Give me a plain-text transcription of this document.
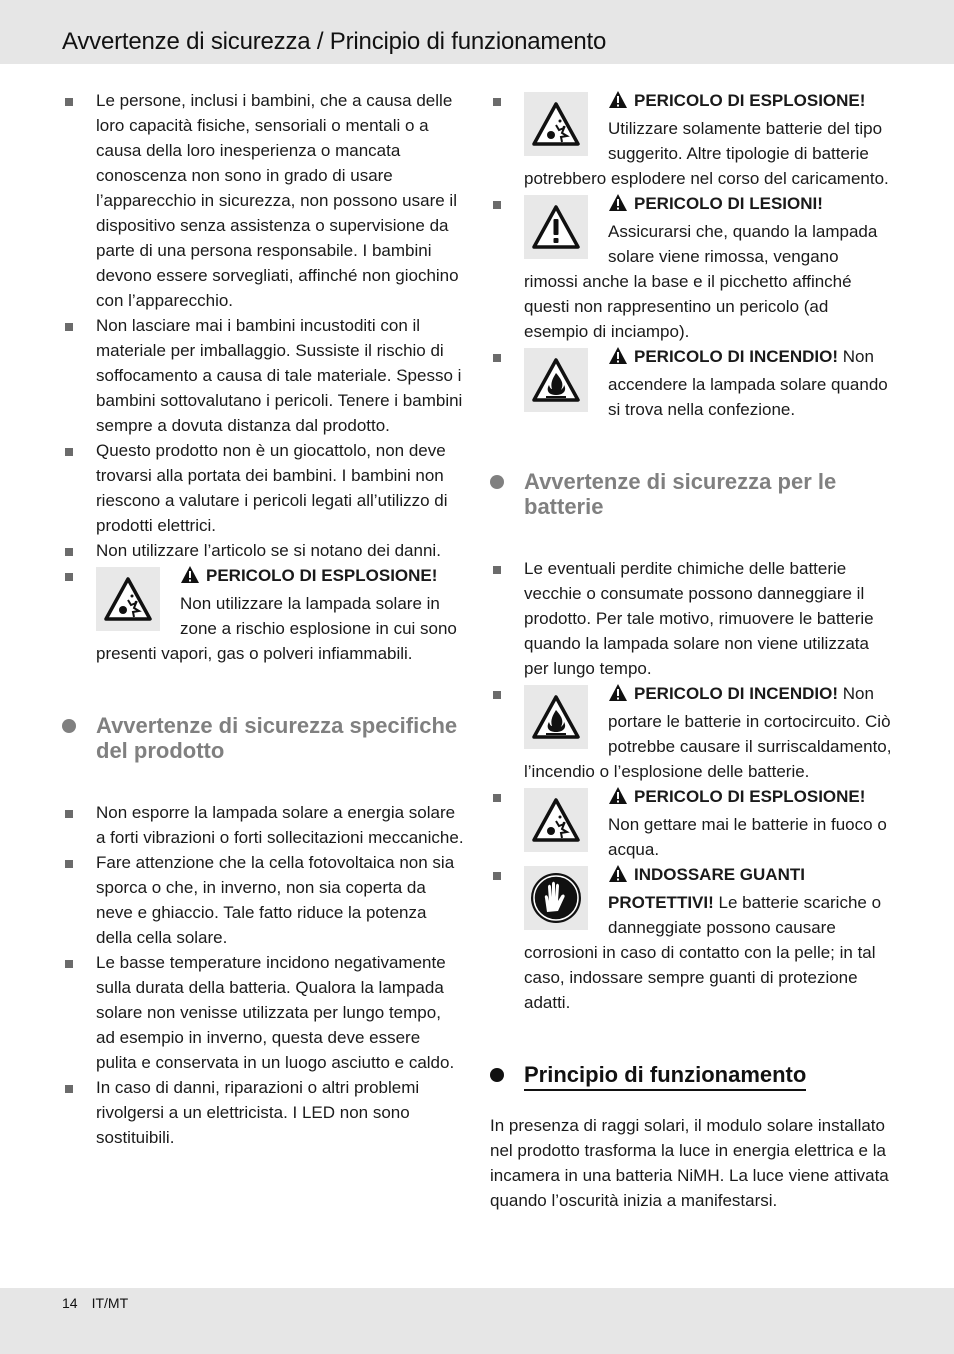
Avvertenze di sicurezza / Principio di funzionamento

Le persone, inclusi i bambini, che a causa delle loro capacità fisiche, sensoriali o mentali o a causa della loro inesperienza o mancata conoscenza non sono in grado di usare l’apparecchio in sicurezza, non possono usare il dispositivo senza assistenza o supervisione da parte di una persona responsabile. I bambini devono essere sorvegliati, affinché non giochino con l’apparecchio.

Non lasciare mai i bambini incustoditi con il materiale per imballaggio. Sussiste il rischio di soffocamento a causa di tale materiale. Spesso i bambini sottovalutano i pericoli. Tenere i bambini sempre a dovuta distanza dal prodotto.

Questo prodotto non è un giocattolo, non deve trovarsi alla portata dei bambini. I bambini non riescono a valutare i pericoli legati all’utilizzo di prodotti elettrici.

Non utilizzare l’articolo se si notano dei danni.

PERICOLO DI ESPLOSIONE! Non utilizzare la lampada solare in zone a rischio esplosione in cui sono presenti vapori, gas o polveri infiammabili.

Avvertenze di sicurezza specifiche del prodotto

Non esporre la lampada solare a energia solare a forti vibrazioni o forti sollecitazioni meccaniche.

Fare attenzione che la cella fotovoltaica non sia sporca o che, in inverno, non sia coperta da neve e ghiaccio. Tale fatto riduce la potenza della cella solare.

Le basse temperature incidono negativamente sulla durata della batteria. Qualora la lampada solare non venisse utilizzata per lungo tempo, ad esempio in inverno, questa deve essere pulita e conservata in un luogo asciutto e caldo.

In caso di danni, riparazioni o altri problemi rivolgersi a un elettricista. I LED non sono sostituibili.

PERICOLO DI ESPLOSIONE! Utilizzare solamente batterie del tipo suggerito. Altre tipologie di batterie potrebbero esplodere nel corso del caricamento.

PERICOLO DI LESIONI! Assicurarsi che, quando la lampada solare viene rimossa, vengano rimossi anche la base e il picchetto affinché questi non rappresentino un pericolo (ad esempio di inciampo).

PERICOLO DI INCENDIO! Non accendere la lampada solare quando si trova nella confezione.

Avvertenze di sicurezza per le batterie

Le eventuali perdite chimiche delle batterie vecchie o consumate possono danneggiare il prodotto. Per tale motivo, rimuovere le batterie quando la lampada solare non viene utilizzata per lungo tempo.

PERICOLO DI INCENDIO! Non portare le batterie in cortocircuito. Ciò potrebbe causare il surriscaldamento, l’incendio o l’esplosione delle batterie.

PERICOLO DI ESPLOSIONE! Non gettare mai le batterie in fuoco o acqua.

INDOSSARE GUANTI PROTETTIVI! Le batterie scariche o danneggiate possono causare corrosioni in caso di contatto con la pelle; in tal caso, indossare sempre guanti di protezione adatti.

Principio di funzionamento

In presenza di raggi solari, il modulo solare installato nel prodotto trasforma la luce in energia elettrica e la incamera in una batteria NiMH. La luce viene attivata quando l’oscurità inizia a manifestarsi.

14 IT/MT
